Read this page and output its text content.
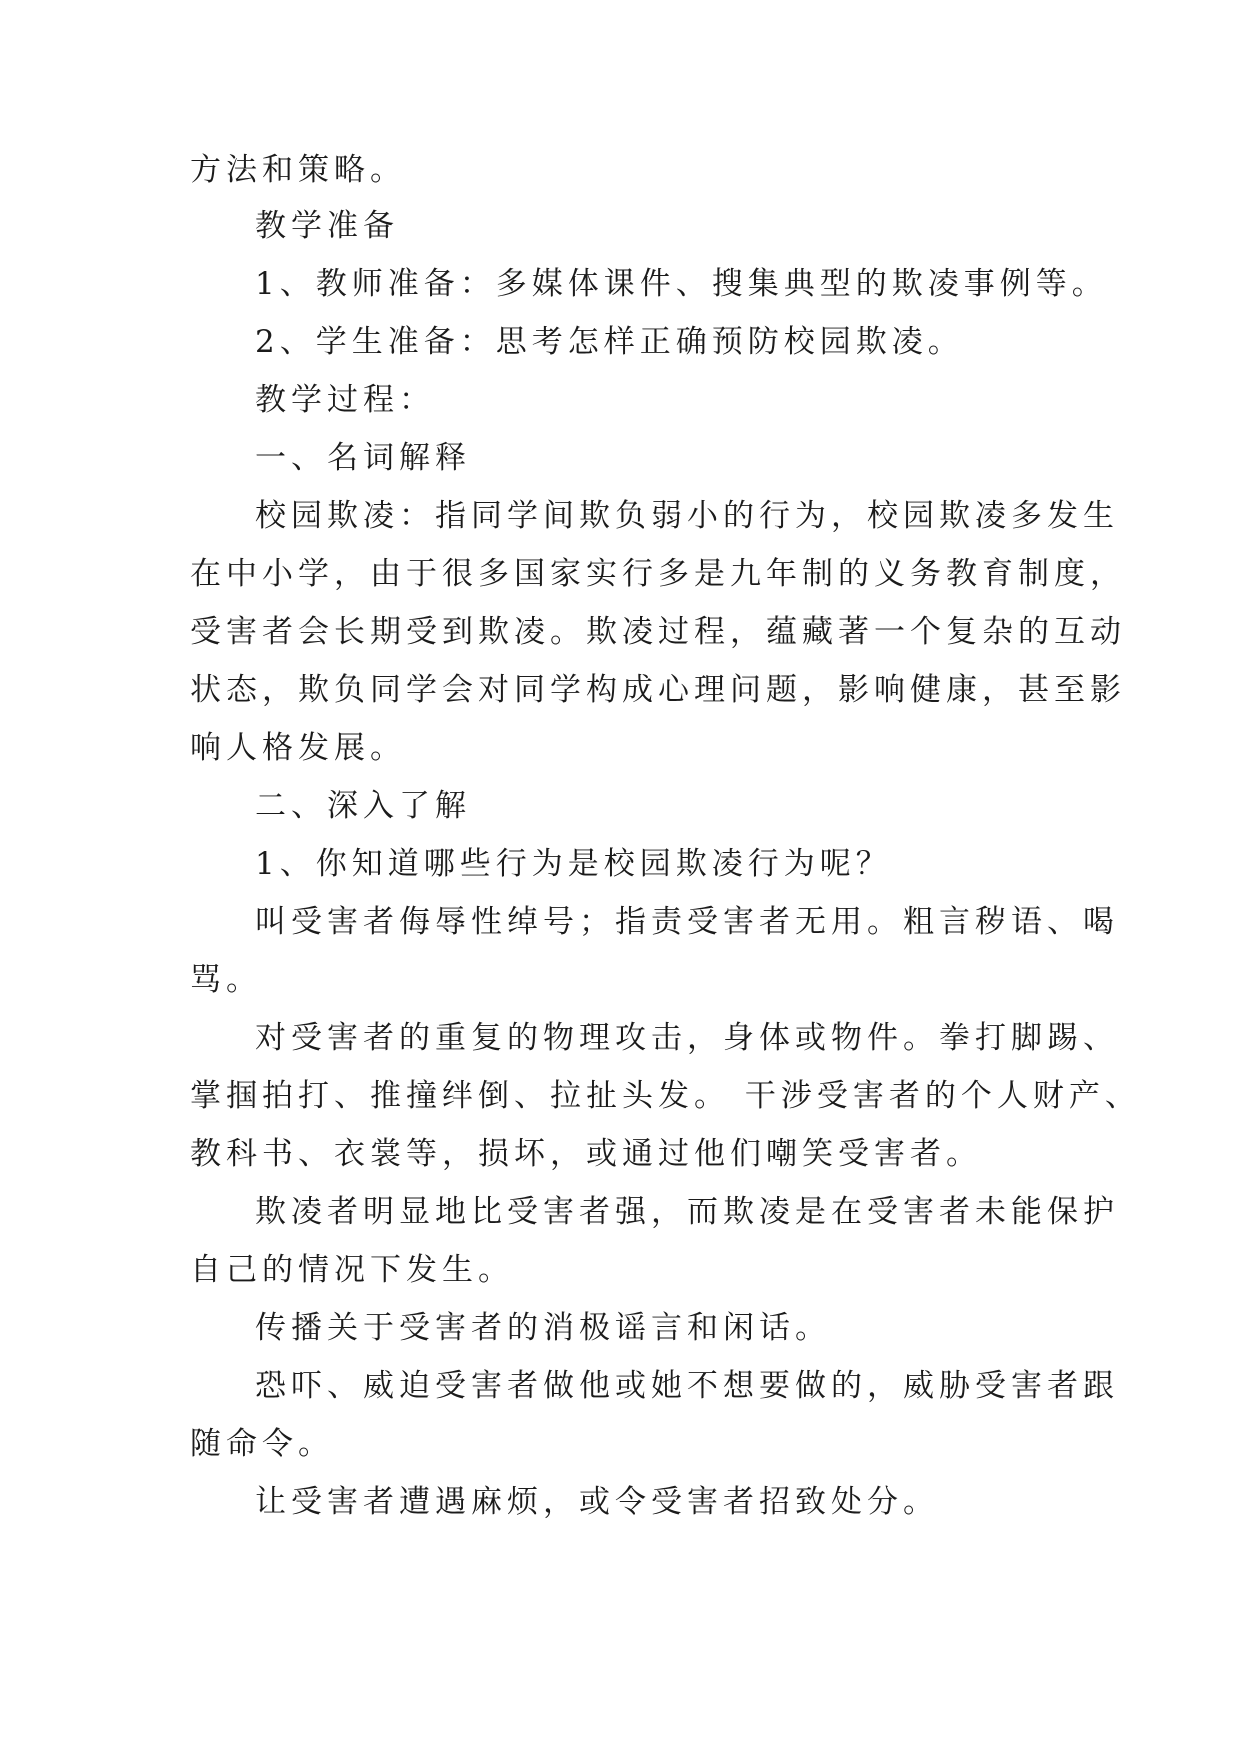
方法和策略。
教学准备
1、教师准备：多媒体课件、搜集典型的欺凌事例等。
2、学生准备：思考怎样正确预防校园欺凌。
教学过程：
一、名词解释
校园欺凌：指同学间欺负弱小的行为，校园欺凌多发生
在中小学，由于很多国家实行多是九年制的义务教育制度，
受害者会长期受到欺凌。欺凌过程，蕴藏著一个复杂的互动
状态，欺负同学会对同学构成心理问题，影响健康，甚至影
响人格发展。
二、深入了解
1、你知道哪些行为是校园欺凌行为呢？
叫受害者侮辱性绰号；指责受害者无用。粗言秽语、喝
骂。
对受害者的重复的物理攻击，身体或物件。拳打脚踢、
掌掴拍打、推撞绊倒、拉扯头发。 干涉受害者的个人财产、
教科书、衣裳等，损坏，或通过他们嘲笑受害者。
欺凌者明显地比受害者强，而欺凌是在受害者未能保护
自己的情况下发生。
传播关于受害者的消极谣言和闲话。
恐吓、威迫受害者做他或她不想要做的，威胁受害者跟
随命令。
让受害者遭遇麻烦，或令受害者招致处分。
